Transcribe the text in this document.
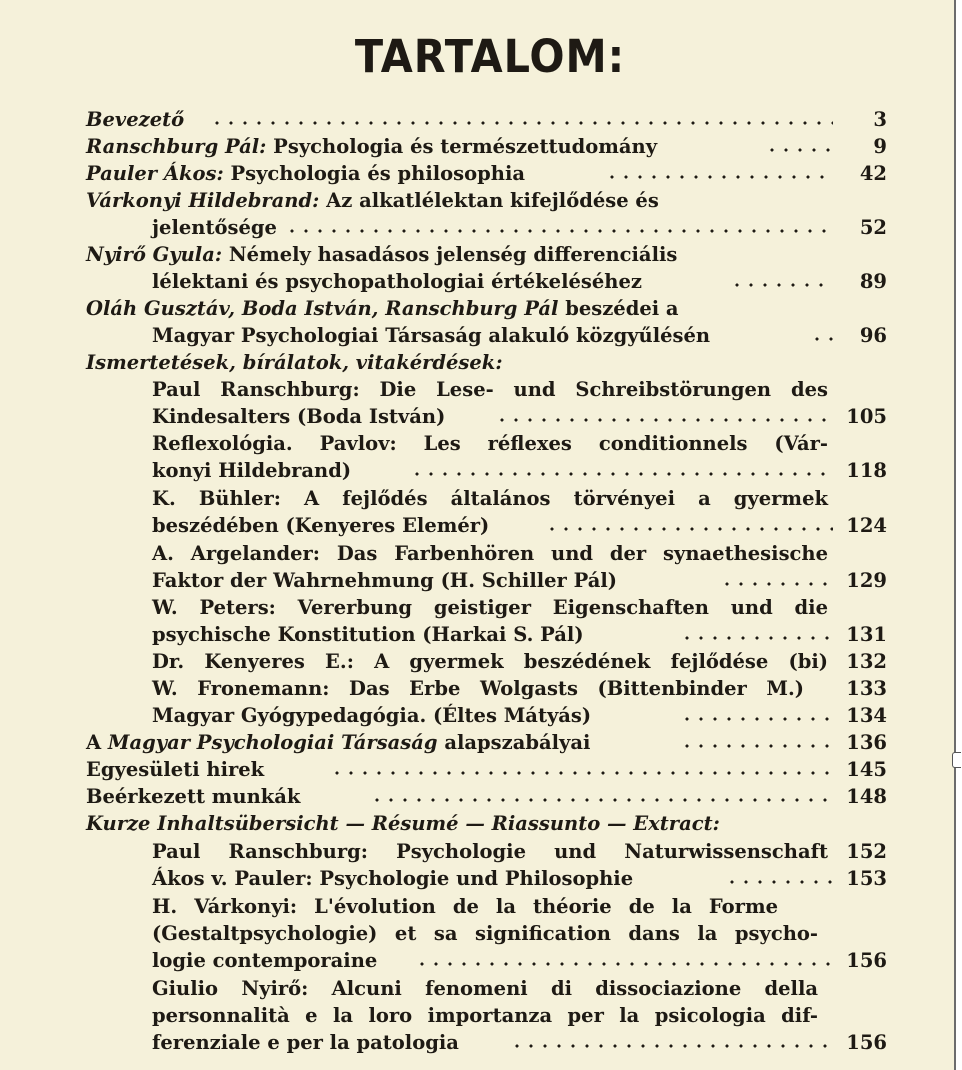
TARTALOM:
Bevezető	3
Ranschburg Pál: Psychologia és természettudomány	9
Pauler Ákos: Psychologia és philosophia	42
Várkonyi Hildebrand: Az alkatlélektan kifejlődése és
jelentősége	52
Nyirő Gyula: Némely hasadásos jelenség differenciális
lélektani és psychopathologiai értékeléséhez	89
Oláh Gusztáv, Boda István, Ranschburg Pál beszédei a
Magyar Psychologiai Társaság alakuló közgyűlésén	96
Ismertetések, bírálatok, vitakérdések:
Paul Ranschburg: Die Lese- und Schreibstörungen des
Kindesalters (Boda István)	105
Reflexológia. Pavlov: Les réflexes conditionnels (Vár-
konyi Hildebrand)	118
K. Bühler: A fejlődés általános törvényei a gyermek
beszédében (Kenyeres Elemér)	124
A. Argelander: Das Farbenhören und der synaethesische
Faktor der Wahrnehmung (H. Schiller Pál)	129
W. Peters: Vererbung geistiger Eigenschaften und die
psychische Konstitution (Harkai S. Pál)	131
Dr. Kenyeres E.: A gyermek beszédének fejlődése (bi) 132
W. Fronemann: Das Erbe Wolgasts (Bittenbinder M.) 133
Magyar Gyógypedagógia. (Éltes Mátyás)	134
A Magyar Psychologiai Társaság alapszabályai	136
Egyesületi hirek	145
Beérkezett munkák	148
Kurze Inhaltsübersicht — Résumé — Riassunto — Extract:
Paul Ranschburg: Psychologie und Naturwissenschaft 152
Ákos v. Pauler: Psychologie und Philosophie	153
H. Várkonyi: L'évolution de la théorie de la Forme
(Gestaltpsychologie) et sa signification dans la psycho-
logie contemporaine	156
Giulio Nyirő: Alcuni fenomeni di dissociazione della
personnalità e la loro importanza per la psicologia dif-
ferenziale e per la patologia	156
